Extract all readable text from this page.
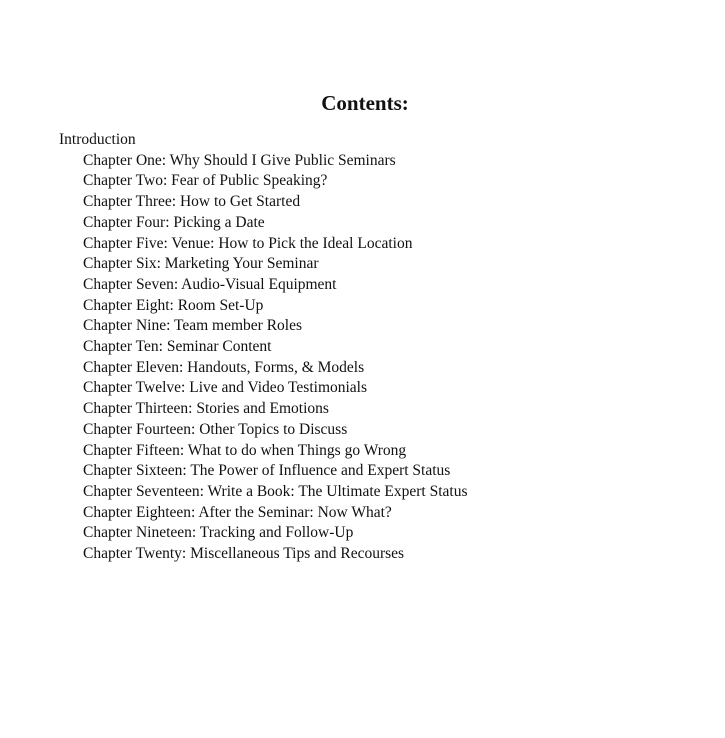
Contents:
Introduction
Chapter One: Why Should I Give Public Seminars
Chapter Two: Fear of Public Speaking?
Chapter Three: How to Get Started
Chapter Four: Picking a Date
Chapter Five: Venue: How to Pick the Ideal Location
Chapter Six: Marketing Your Seminar
Chapter Seven: Audio-Visual Equipment
Chapter Eight: Room Set-Up
Chapter Nine: Team member Roles
Chapter Ten: Seminar Content
Chapter Eleven: Handouts, Forms, & Models
Chapter Twelve: Live and Video Testimonials
Chapter Thirteen: Stories and Emotions
Chapter Fourteen: Other Topics to Discuss
Chapter Fifteen: What to do when Things go Wrong
Chapter Sixteen: The Power of Influence and Expert Status
Chapter Seventeen: Write a Book: The Ultimate Expert Status
Chapter Eighteen: After the Seminar: Now What?
Chapter Nineteen: Tracking and Follow-Up
Chapter Twenty: Miscellaneous Tips and Recourses
